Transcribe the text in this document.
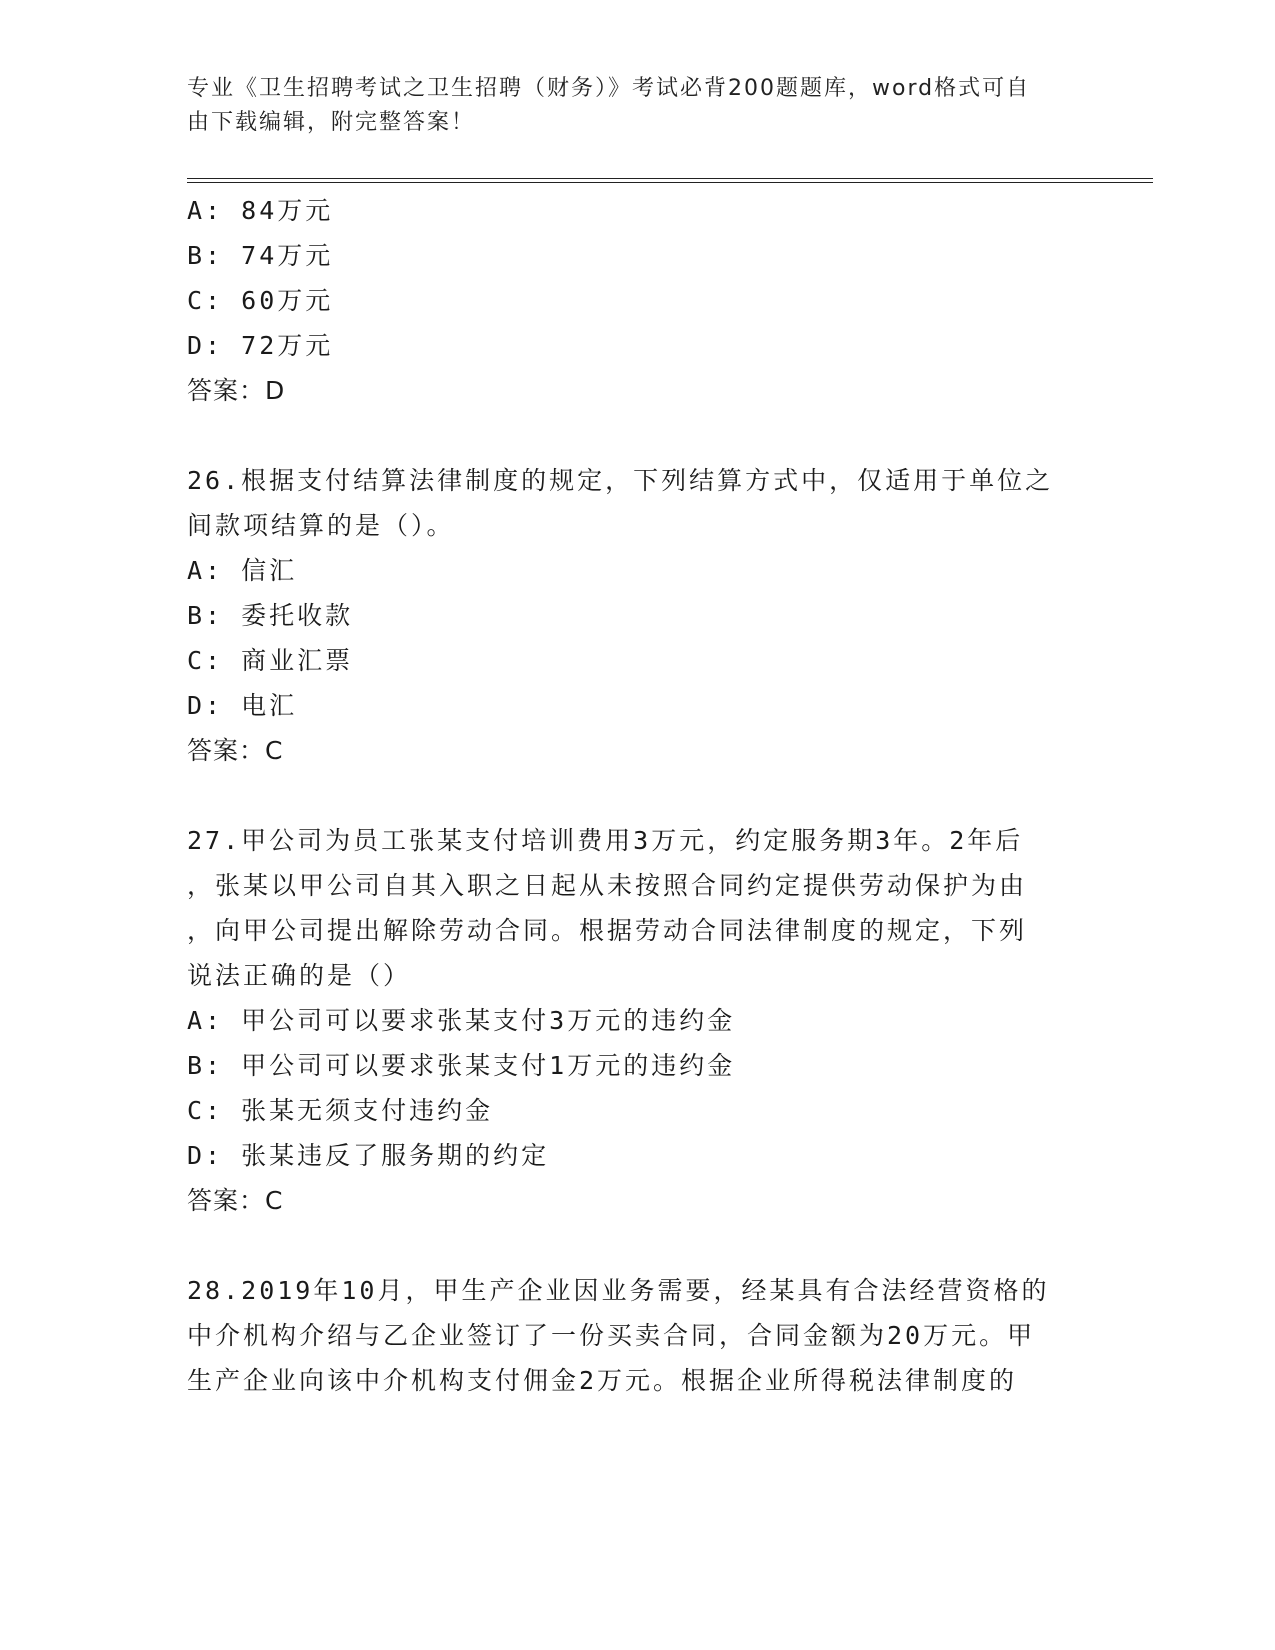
专业《卫生招聘考试之卫生招聘（财务）》考试必背200题题库，word格式可自
由下载编辑，附完整答案！
A: 84万元
B: 74万元
C: 60万元
D: 72万元
答案：D
26.根据支付结算法律制度的规定，下列结算方式中，仅适用于单位之
间款项结算的是（）。
A: 信汇
B: 委托收款
C: 商业汇票
D: 电汇
答案：C
27.甲公司为员工张某支付培训费用3万元，约定服务期3年。2年后
，张某以甲公司自其入职之日起从未按照合同约定提供劳动保护为由
，向甲公司提出解除劳动合同。根据劳动合同法律制度的规定，下列
说法正确的是（）
A: 甲公司可以要求张某支付3万元的违约金
B: 甲公司可以要求张某支付1万元的违约金
C: 张某无须支付违约金
D: 张某违反了服务期的约定
答案：C
28.2019年10月，甲生产企业因业务需要，经某具有合法经营资格的
中介机构介绍与乙企业签订了一份买卖合同，合同金额为20万元。甲
生产企业向该中介机构支付佣金2万元。根据企业所得税法律制度的
